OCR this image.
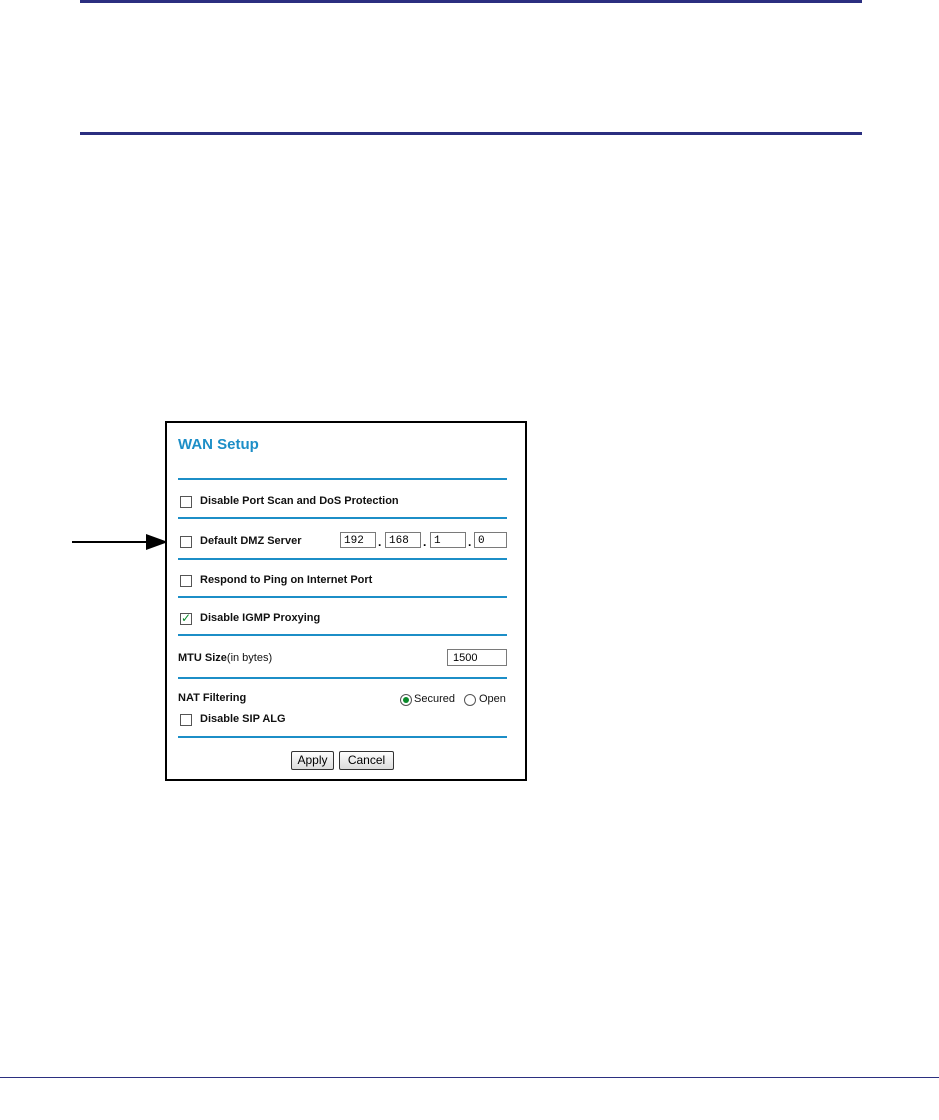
WAN Setup
Disable Port Scan and DoS Protection
Default DMZ Server	192	. 168	. 1	. 0
Respond to Ping on Internet Port
✓ Disable IGMP Proxying
MTU Size(in bytes)	1500
NAT Filtering	Secured Open
Disable SIP ALG
Apply	Cancel
